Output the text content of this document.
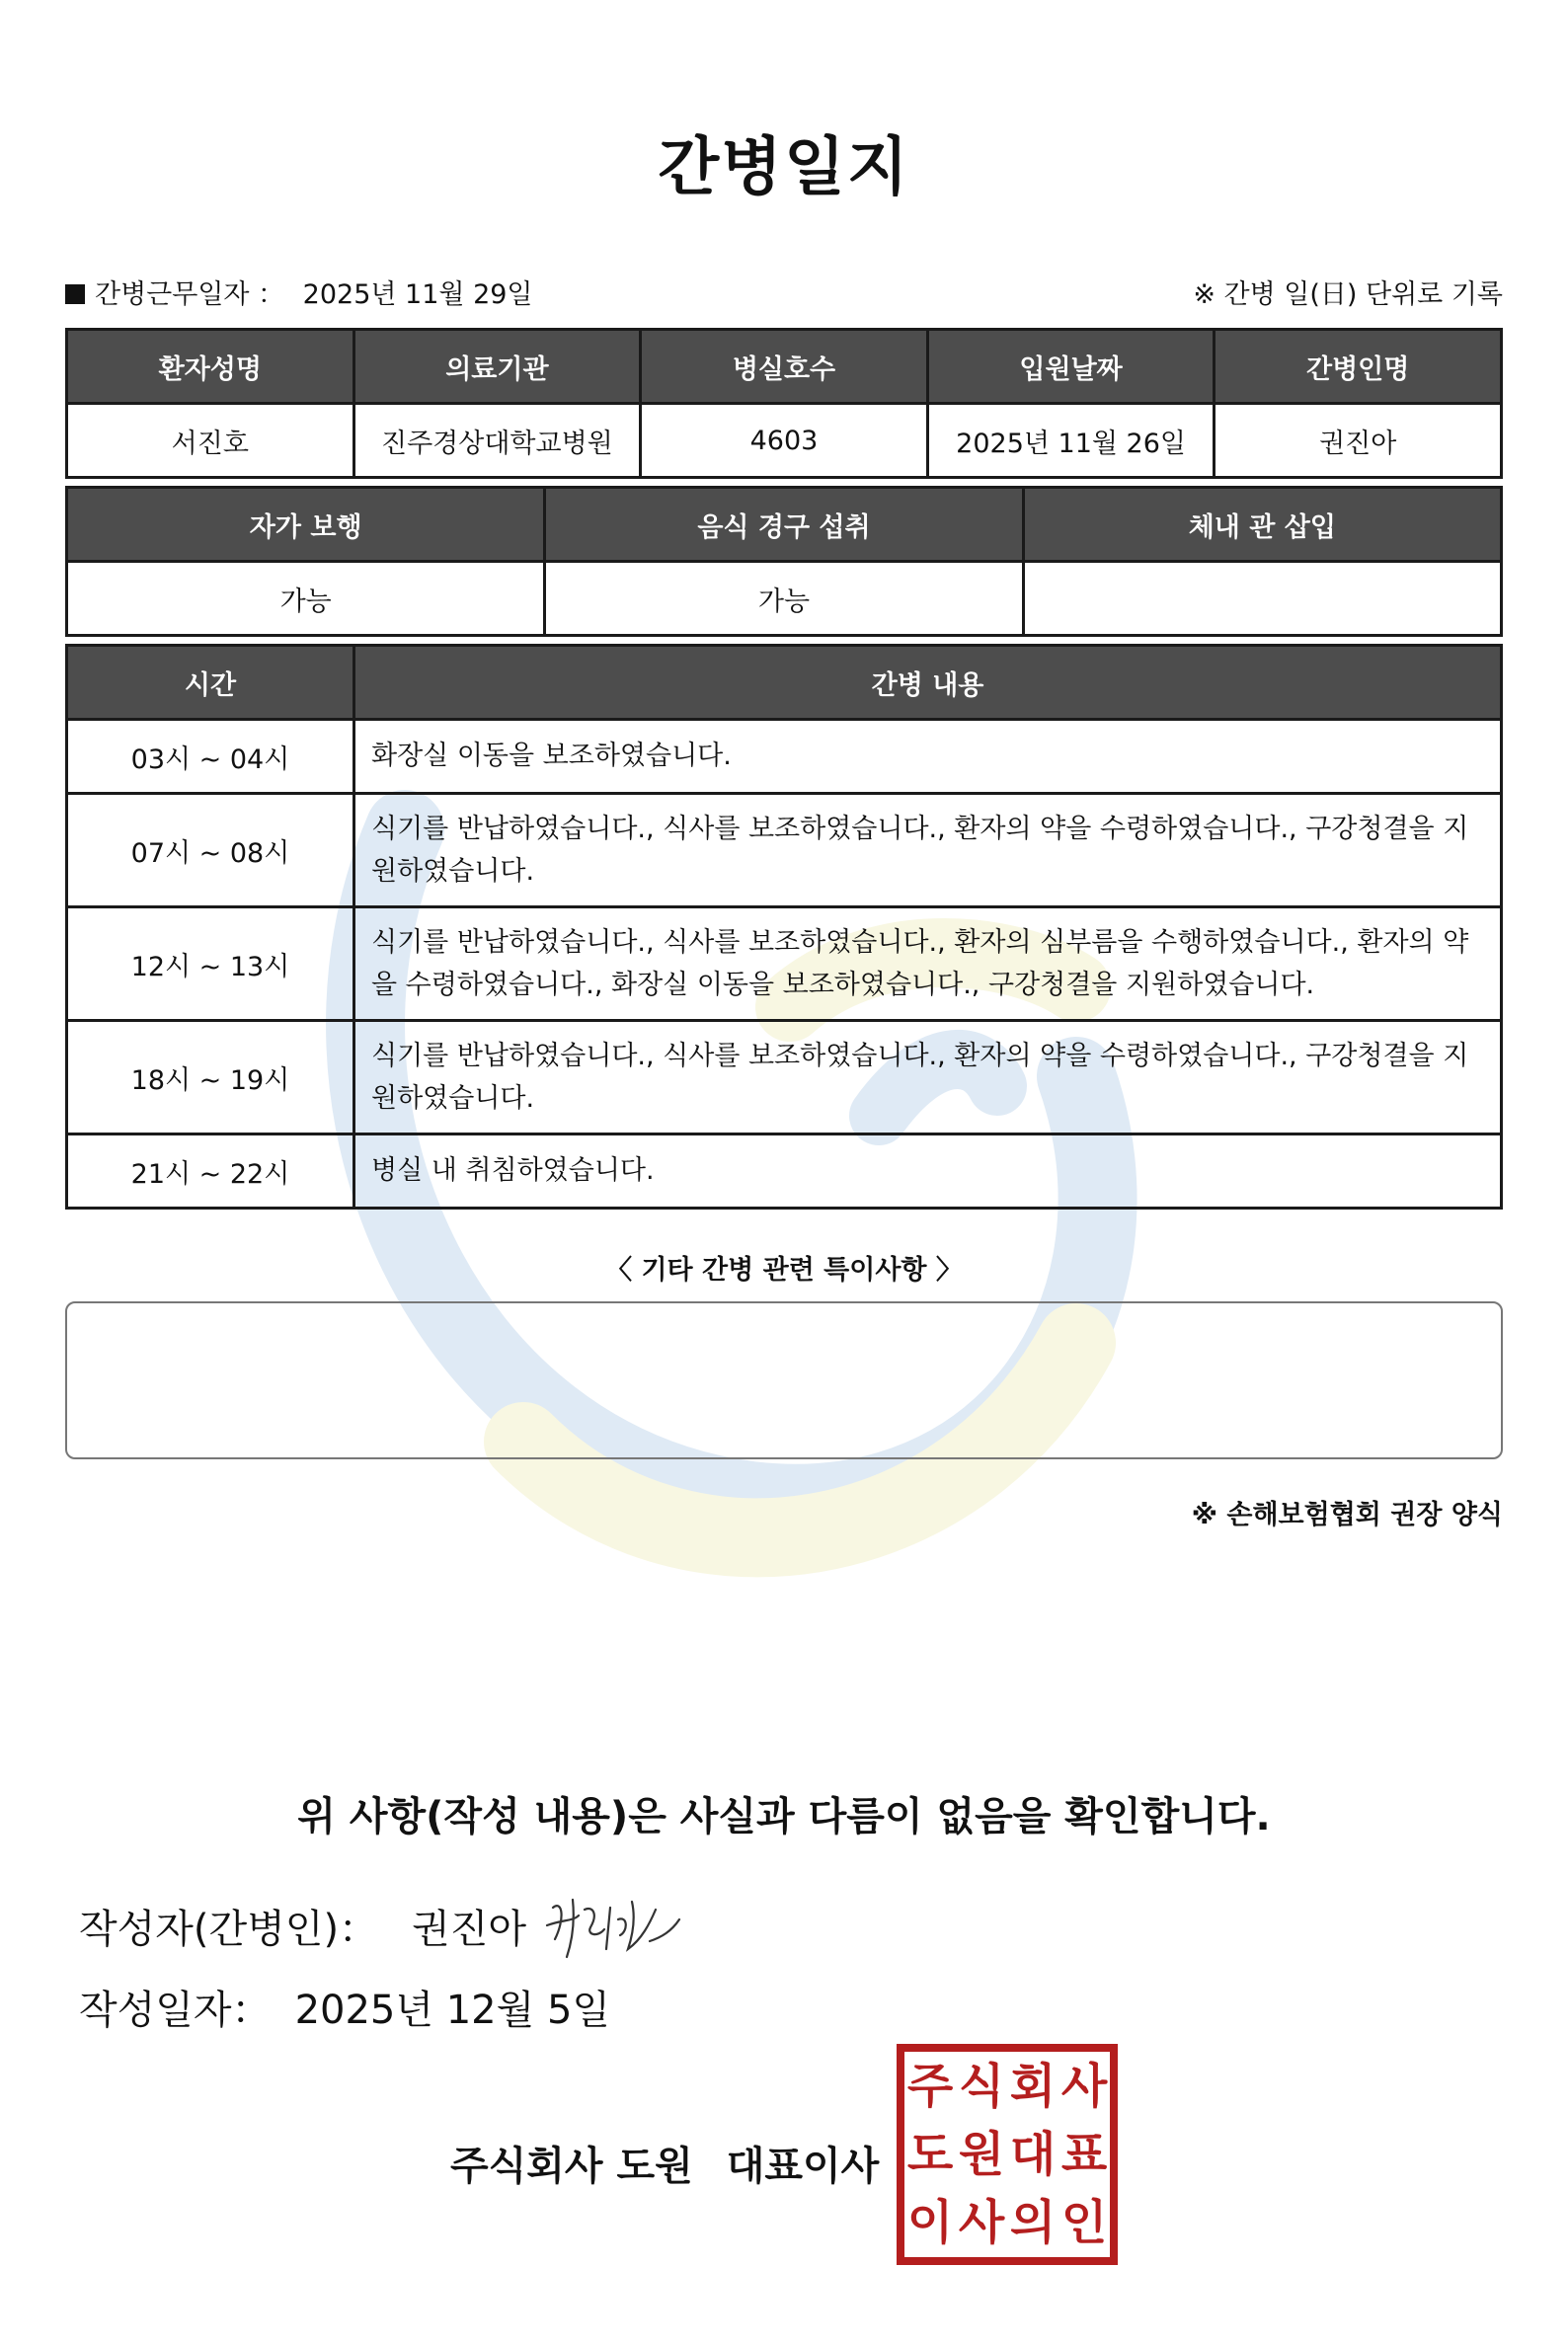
간병일지
간병근무일자 ： 2025년 11월 29일	※ 간병 일(日) 단위로 기록
환자성명	의료기관	병실호수	입원날짜	간병인명
서진호	진주경상대학교병원	4603	2025년 11월 26일	권진아
자가 보행	음식 경구 섭취	체내 관 삽입
가능	가능	
시간	간병 내용
03시 ~ 04시	화장실 이동을 보조하였습니다.
07시 ~ 08시	식기를 반납하였습니다., 식사를 보조하였습니다., 환자의 약을 수령하였습니다., 구강청결을 지원하였습니다.
12시 ~ 13시	식기를 반납하였습니다., 식사를 보조하였습니다., 환자의 심부름을 수행하였습니다., 환자의 약을 수령하였습니다., 화장실 이동을 보조하였습니다., 구강청결을 지원하였습니다.
18시 ~ 19시	식기를 반납하였습니다., 식사를 보조하였습니다., 환자의 약을 수령하였습니다., 구강청결을 지원하였습니다.
21시 ~ 22시	병실 내 취침하였습니다.
〈 기타 간병 관련 특이사항 〉
※ 손해보험협회 권장 양식
위 사항(작성 내용)은 사실과 다름이 없음을 확인합니다.
작성자(간병인)： 권진아
작성일자： 2025년 12월 5일
주식회사 도원 대표이사
주 식 회 사
도 원 대 표
이 사 의 인
